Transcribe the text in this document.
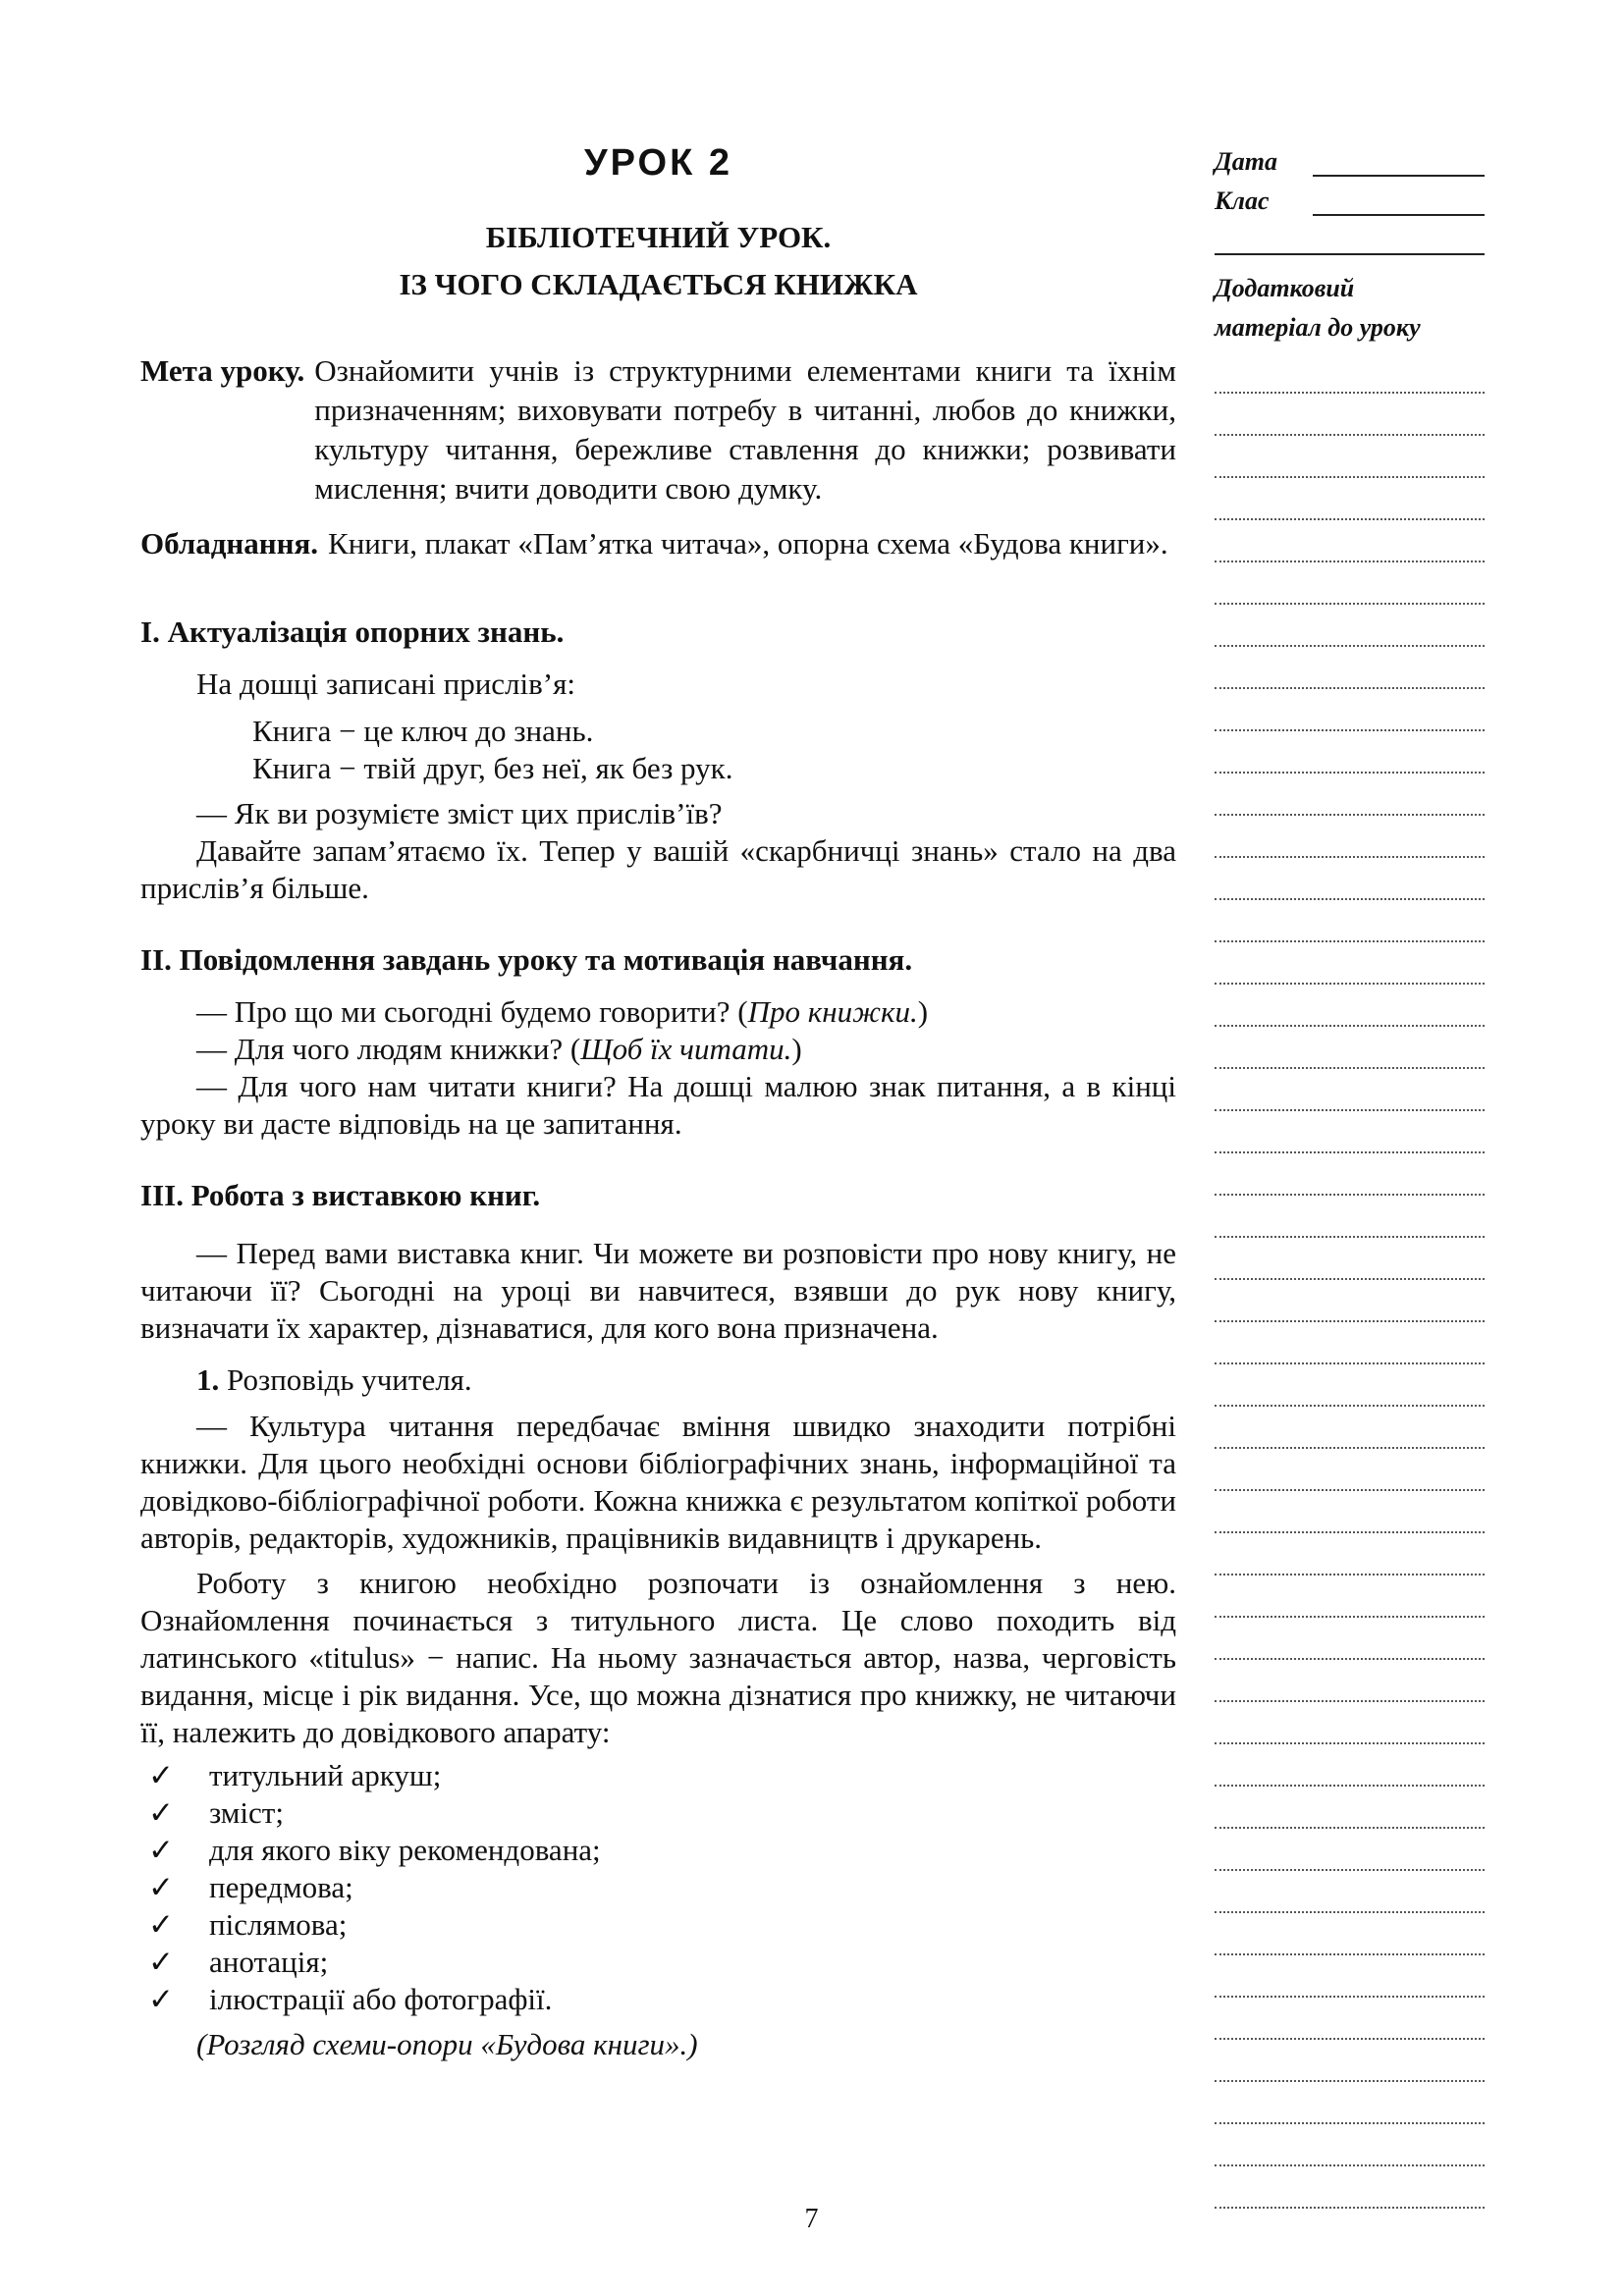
УРОК 2
БІБЛІОТЕЧНИЙ УРОК.
ІЗ ЧОГО СКЛАДАЄТЬСЯ КНИЖКА
Мета уроку. Ознайомити учнів із структурними елементами книги та їхнім призначенням; виховувати потребу в читанні, любов до книжки, культуру читання, бережливе ставлення до книжки; розвивати мислення; вчити доводити свою думку.
Обладнання. Книги, плакат «Пам’ятка читача», опорна схема «Будова книги».
I. Актуалізація опорних знань.

На дошці записані прислів’я:

Книга − це ключ до знань.
Книга − твій друг, без неї, як без рук.

— Як ви розумієте зміст цих прислів’їв?

Давайте запам’ятаємо їх. Тепер у вашій «скарбничці знань» стало на два прислів’я більше.

II. Повідомлення завдань уроку та мотивація навчання.
— Про що ми сьогодні будемо говорити? (Про книжки.)
— Для чого людям книжки? (Щоб їх читати.)

— Для чого нам читати книги? На дошці малюю знак питання, а в кінці уроку ви дасте відповідь на це запитання.

III. Робота з виставкою книг.

— Перед вами виставка книг. Чи можете ви розповісти про нову книгу, не читаючи її? Сьогодні на уроці ви навчитеся, взявши до рук нову книгу, визначати їх характер, дізнаватися, для кого вона призначена.

1. Розповідь учителя.

— Культура читання передбачає вміння швидко знаходити потрібні книжки. Для цього необхідні основи бібліографічних знань, інформаційної та довідково-бібліографічної роботи. Кожна книжка є результатом копіткої роботи авторів, редакторів, художників, працівників видавництв і друкарень.

Роботу з книгою необхідно розпочати із ознайомлення з нею. Ознайомлення починається з титульного листа. Це слово походить від латинського «titulus» − напис. На ньому зазначається автор, назва, черговість видання, місце і рік видання. Усе, що можна дізнатися про книжку, не читаючи її, належить до довідкового апарату:

✓	титульний аркуш;
✓	зміст;
✓	для якого віку рекомендована;
✓	передмова;
✓	післямова;
✓	анотація;
✓	ілюстрації або фотографії.
(Розгляд схеми-опори «Будова книги».)
Дата
Клас
Додатковий
матеріал до уроку
7
